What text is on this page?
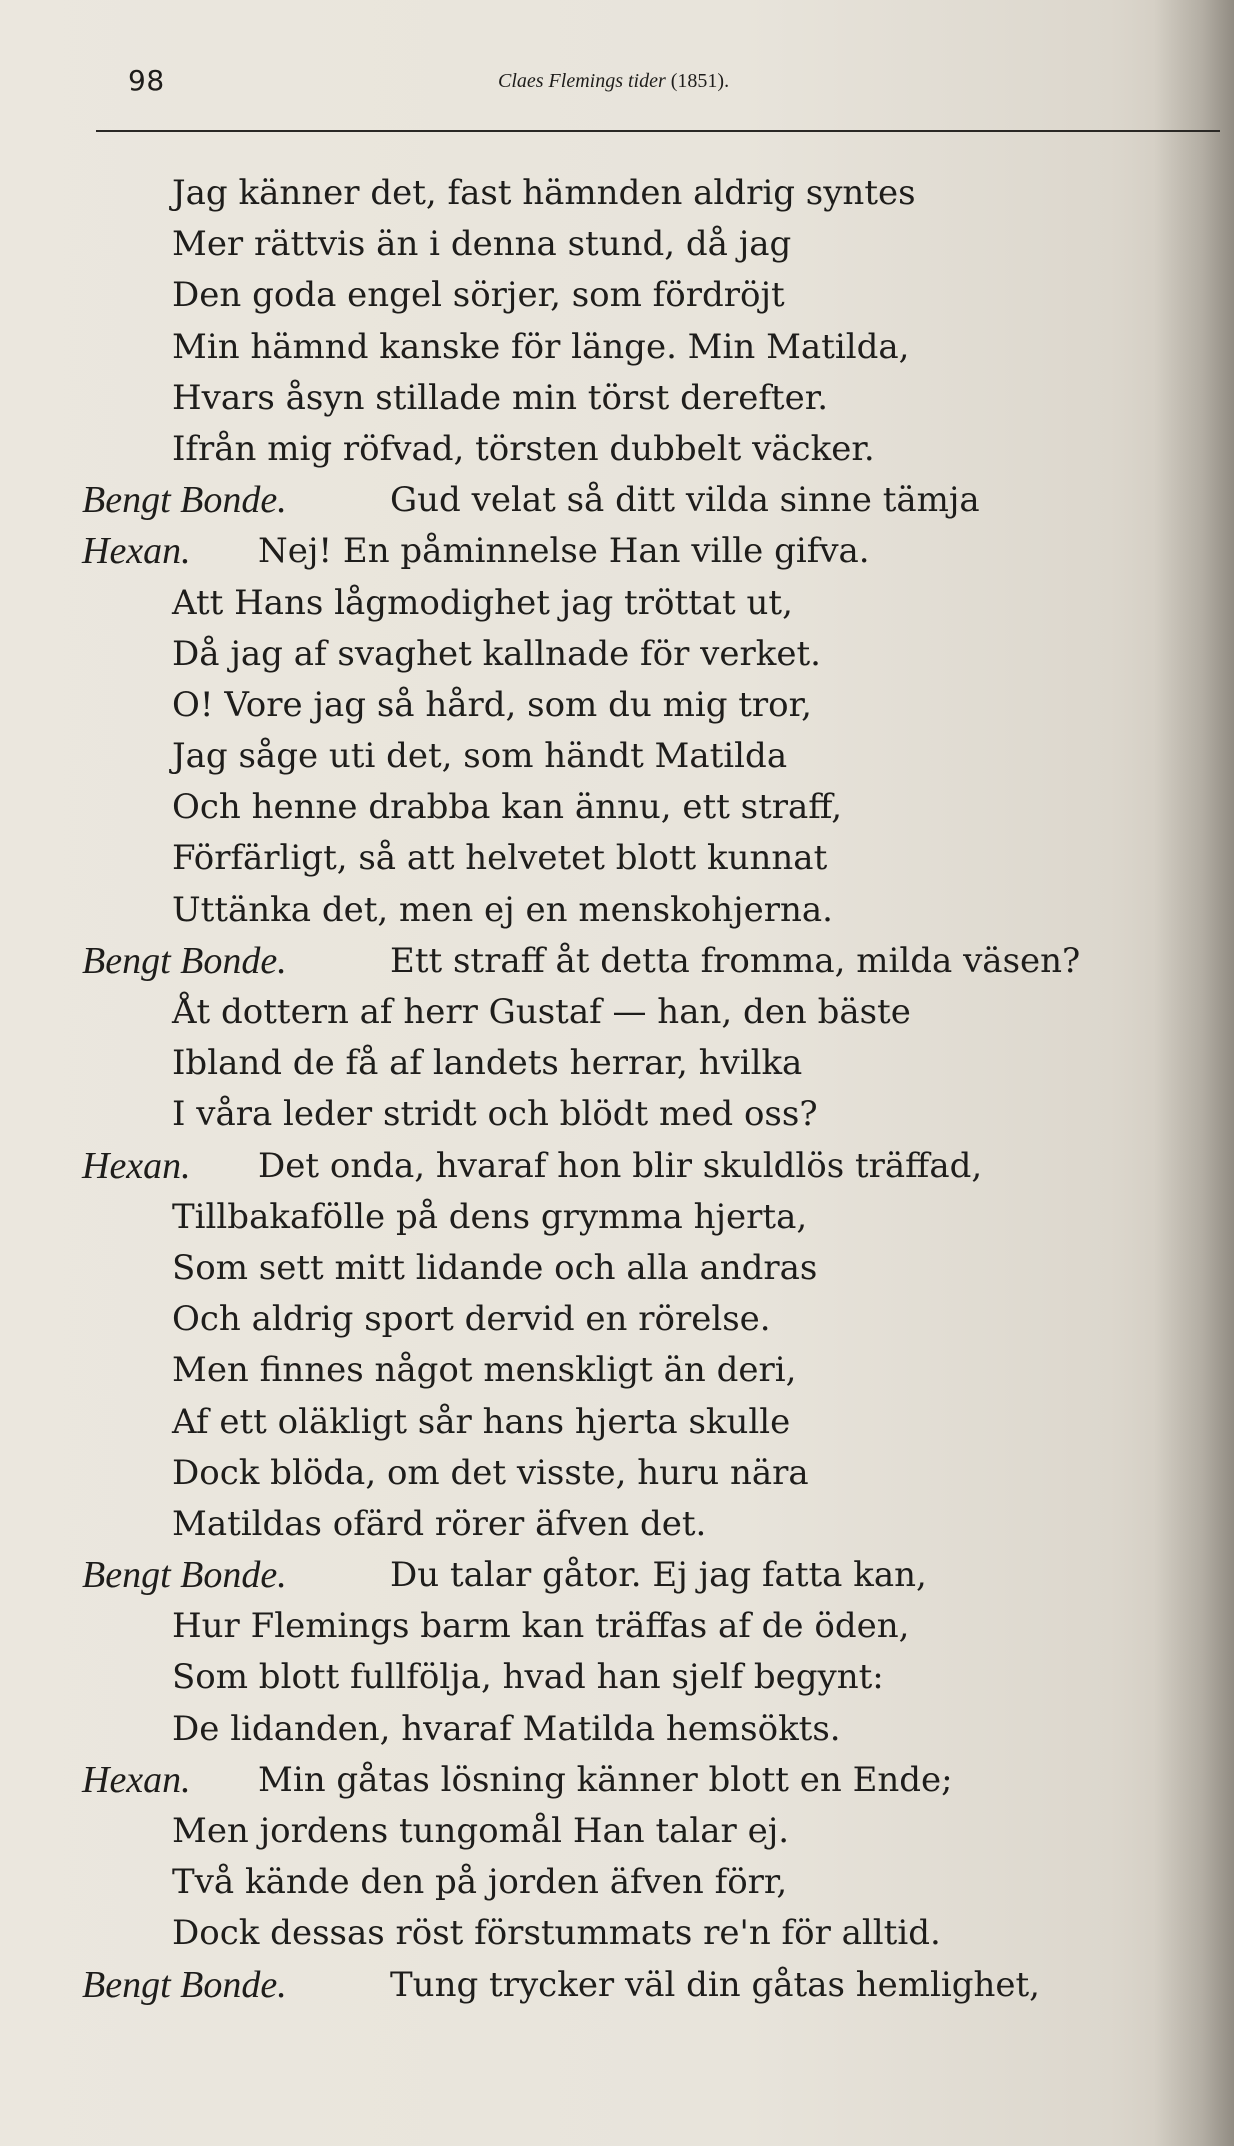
98	Claes Flemings tider (1851).
Jag känner det, fast hämnden aldrig syntes
Mer rättvis än i denna stund, då jag
Den goda engel sörjer, som fördröjt
Min hämnd kanske för länge. Min Matilda,
Hvars åsyn stillade min törst derefter.
Ifrån mig röfvad, törsten dubbelt väcker.
Bengt Bonde.	Gud velat så ditt vilda sinne tämja
Hexan. Nej! En påminnelse Han ville gifva.
Att Hans lågmodighet jag tröttat ut,
Då jag af svaghet kallnade för verket.
O! Vore jag så hård, som du mig tror,
Jag såge uti det, som händt Matilda
Och henne drabba kan ännu, ett straff,
Förfärligt, så att helvetet blott kunnat
Uttänka det, men ej en menskohjerna.
Bengt Bonde.	Ett straff åt detta fromma, milda väsen?
Åt dottern af herr Gustaf — han, den bäste
Ibland de få af landets herrar, hvilka
I våra leder stridt och blödt med oss?
Hexan. Det onda, hvaraf hon blir skuldlös träffad,
Tillbakafölle på dens grymma hjerta,
Som sett mitt lidande och alla andras
Och aldrig sport dervid en rörelse.
Men finnes något menskligt än deri,
Af ett oläkligt sår hans hjerta skulle
Dock blöda, om det visste, huru nära
Matildas ofärd rörer äfven det.
Bengt Bonde.	Du talar gåtor. Ej jag fatta kan,
Hur Flemings barm kan träffas af de öden,
Som blott fullfölja, hvad han sjelf begynt:
De lidanden, hvaraf Matilda hemsökts.
Hexan. Min gåtas lösning känner blott en Ende;
Men jordens tungomål Han talar ej.
Två kände den på jorden äfven förr,
Dock dessas röst förstummats re'n för alltid.
Bengt Bonde.	Tung trycker väl din gåtas hemlighet,
